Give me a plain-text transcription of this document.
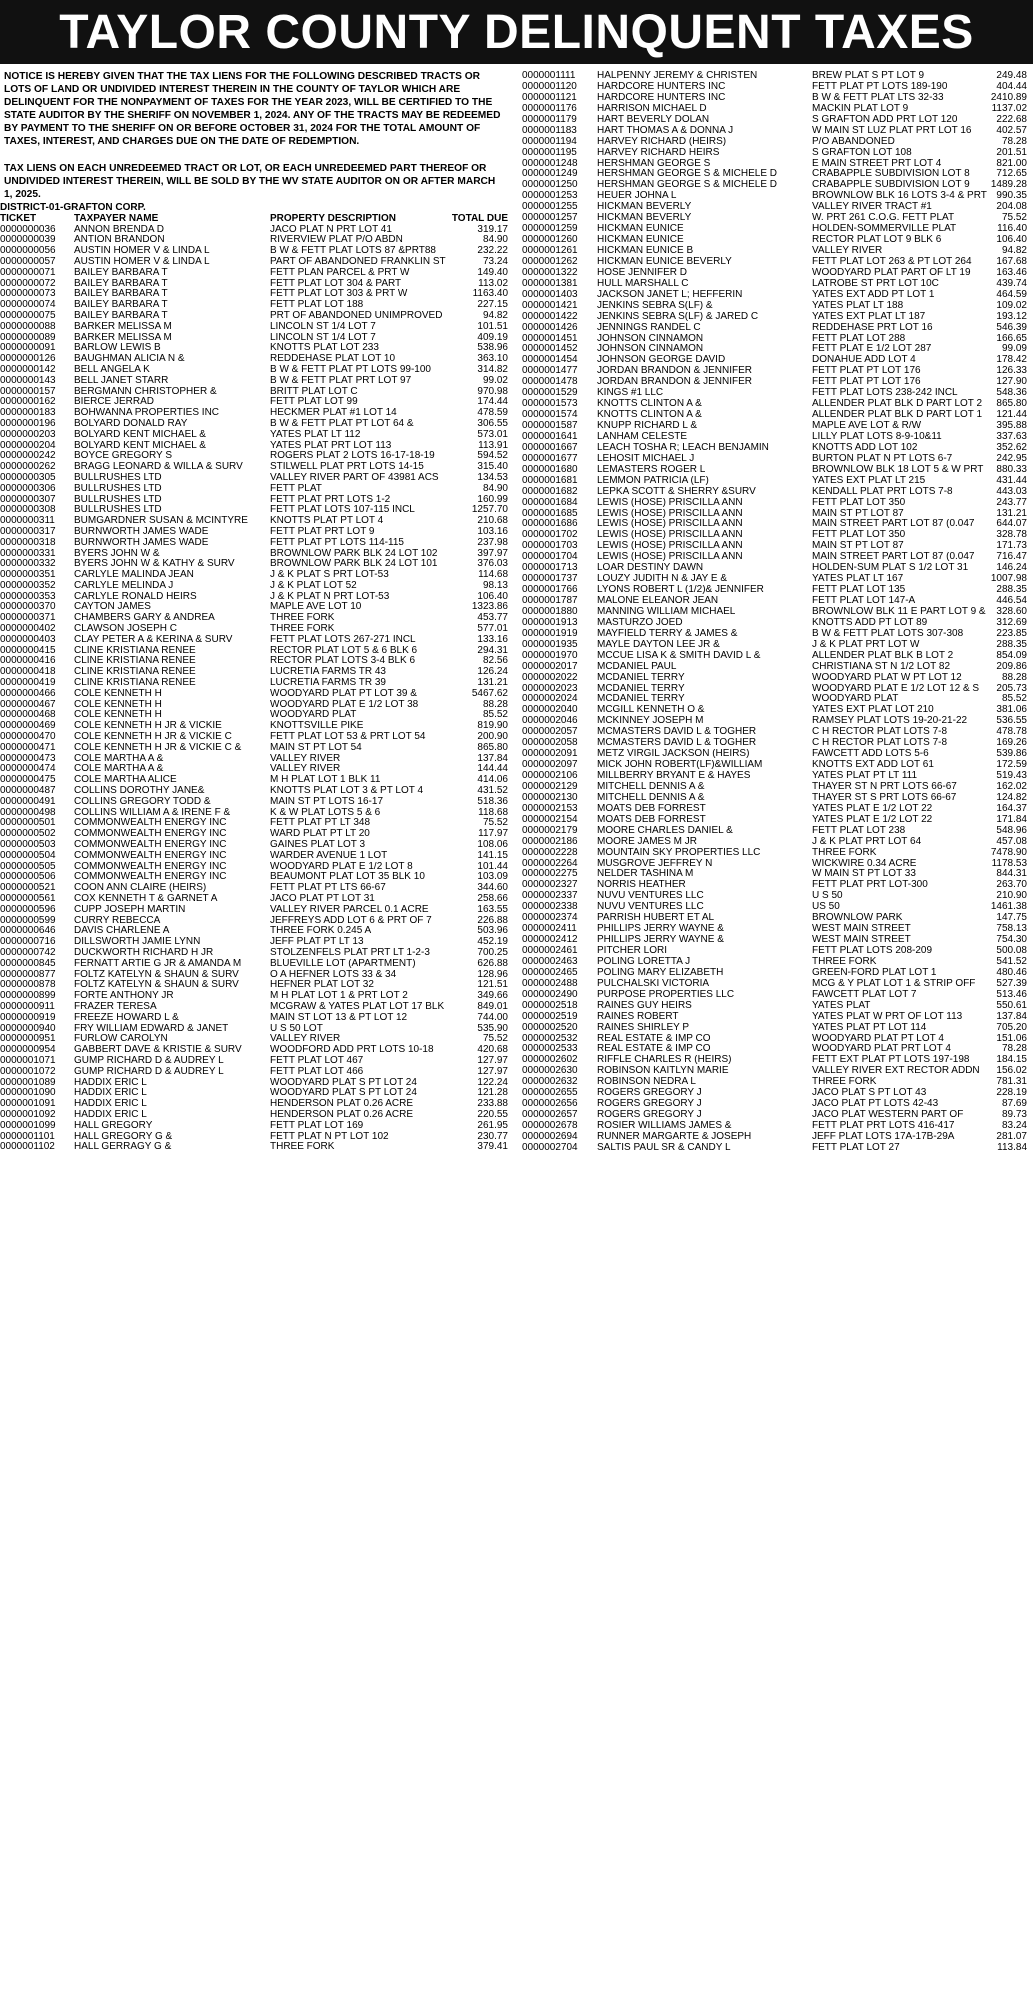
TAYLOR COUNTY DELINQUENT TAXES

NOTICE IS HEREBY GIVEN THAT THE TAX LIENS FOR THE FOLLOWING DESCRIBED TRACTS OR LOTS OF LAND OR UNDIVIDED INTEREST THEREIN IN THE COUNTY OF TAYLOR WHICH ARE DELINQUENT FOR THE NONPAYMENT OF TAXES FOR THE YEAR 2023, WILL BE CERTIFIED TO THE STATE AUDITOR BY THE SHERIFF ON NOVEMBER 1, 2024. ANY OF THE TRACTS MAY BE REDEEMED BY PAYMENT TO THE SHERIFF ON OR BEFORE OCTOBER 31, 2024 FOR THE TOTAL AMOUNT OF TAXES, INTEREST, AND CHARGES DUE ON THE DATE OF REDEMPTION.

TAX LIENS ON EACH UNREDEEMED TRACT OR LOT, OR EACH UNREDEEMED PART THEREOF OR UNDIVIDED INTEREST THEREIN, WILL BE SOLD BY THE WV STATE AUDITOR ON OR AFTER MARCH 1, 2025.

DISTRICT-01-GRAFTON CORP.
TICKET	TAXPAYER NAME	PROPERTY DESCRIPTION	TOTAL DUE
0000000036	ANNON BRENDA D	JACO PLAT N PRT LOT 41	319.17
0000000039	ANTION BRANDON	RIVERVIEW PLAT P/O ABDN	84.90
0000000056	AUSTIN HOMER V & LINDA L	B W & FETT PLAT LOTS 87 &PRT88	232.22
0000000057	AUSTIN HOMER V & LINDA L	PART OF ABANDONED FRANKLIN ST	73.24
0000000071	BAILEY BARBARA T	FETT PLAN PARCEL & PRT W	149.40
0000000072	BAILEY BARBARA T	FETT PLAT LOT 304 & PART	113.02
0000000073	BAILEY BARBARA T	FETT PLAT LOT 303 & PRT W	1163.40
0000000074	BAILEY BARBARA T	FETT PLAT LOT 188	227.15
0000000075	BAILEY BARBARA T	PRT OF ABANDONED UNIMPROVED	94.82
0000000088	BARKER MELISSA M	LINCOLN ST 1/4 LOT 7	101.51
0000000089	BARKER MELISSA M	LINCOLN ST 1/4 LOT 7	409.19
0000000091	BARLOW LEWIS B	KNOTTS PLAT LOT 233	538.96
0000000126	BAUGHMAN ALICIA N &	REDDEHASE PLAT LOT 10	363.10
0000000142	BELL ANGELA K	B W & FETT PLAT PT LOTS 99-100	314.82
0000000143	BELL JANET STARR	B W & FETT PLAT PRT LOT 97	99.02
0000000157	BERGMANN CHRISTOPHER &	BRITT PLAT LOT C	970.98
0000000162	BIERCE JERRAD	FETT PLAT LOT 99	174.44
0000000183	BOHWANNA PROPERTIES INC	HECKMER PLAT #1 LOT 14	478.59
0000000196	BOLYARD DONALD RAY	B W & FETT PLAT PT LOT 64 &	306.55
0000000203	BOLYARD KENT MICHAEL &	YATES PLAT LT 112	573.01
0000000204	BOLYARD KENT MICHAEL &	YATES PLAT PRT LOT 113	113.91
0000000242	BOYCE GREGORY S	ROGERS PLAT 2 LOTS 16-17-18-19	594.52
0000000262	BRAGG LEONARD & WILLA & SURV	STILWELL PLAT PRT LOTS 14-15	315.40
0000000305	BULLRUSHES LTD	VALLEY RIVER PART OF 43981 ACS	134.53
0000000306	BULLRUSHES LTD	FETT PLAT	84.90
0000000307	BULLRUSHES LTD	FETT PLAT PRT LOTS 1-2	160.99
0000000308	BULLRUSHES LTD	FETT PLAT LOTS 107-115 INCL	1257.70
0000000311	BUMGARDNER SUSAN & MCINTYRE	KNOTTS PLAT PT LOT 4	210.68
0000000317	BURNWORTH JAMES WADE	FETT PLAT PRT LOT 9	103.16
0000000318	BURNWORTH JAMES WADE	FETT PLAT PT LOTS 114-115	237.98
0000000331	BYERS JOHN W &	BROWNLOW PARK BLK 24 LOT 102	397.97
0000000332	BYERS JOHN W & KATHY & SURV	BROWNLOW PARK BLK 24 LOT 101	376.03
0000000351	CARLYLE MALINDA JEAN	J & K PLAT S PRT LOT-53	114.68
0000000352	CARLYLE MELINDA J	J & K PLAT LOT 52	98.13
0000000353	CARLYLE RONALD HEIRS	J & K PLAT N PRT LOT-53	106.40
0000000370	CAYTON JAMES	MAPLE AVE LOT 10	1323.86
0000000371	CHAMBERS GARY & ANDREA	THREE FORK	453.77
0000000402	CLAWSON JOSEPH C	THREE FORK	577.01
0000000403	CLAY PETER A & KERINA & SURV	FETT PLAT LOTS 267-271 INCL	133.16
0000000415	CLINE KRISTIANA RENEE	RECTOR PLAT LOT 5 & 6 BLK 6	294.31
0000000416	CLINE KRISTIANA RENEE	RECTOR PLAT LOTS 3-4 BLK 6	82.56
0000000418	CLINE KRISTIANA RENEE	LUCRETIA FARMS TR 43	126.24
0000000419	CLINE KRISTIANA RENEE	LUCRETIA FARMS TR 39	131.21
0000000466	COLE KENNETH H	WOODYARD PLAT PT LOT 39 &	5467.62
0000000467	COLE KENNETH H	WOODYARD PLAT E 1/2 LOT 38	88.28
0000000468	COLE KENNETH H	WOODYARD PLAT	85.52
0000000469	COLE KENNETH H JR & VICKIE	KNOTTSVILLE PIKE	819.90
0000000470	COLE KENNETH H JR & VICKIE C	FETT PLAT LOT 53 & PRT LOT 54	200.90
0000000471	COLE KENNETH H JR & VICKIE C &	MAIN ST PT LOT 54	865.80
0000000473	COLE MARTHA A &	VALLEY RIVER	137.84
0000000474	COLE MARTHA A &	VALLEY RIVER	144.44
0000000475	COLE MARTHA ALICE	M H PLAT LOT 1 BLK 11	414.06
0000000487	COLLINS DOROTHY JANE&	KNOTTS PLAT LOT 3 & PT LOT 4	431.52
0000000491	COLLINS GREGORY TODD &	MAIN ST PT LOTS 16-17	518.36
0000000498	COLLINS WILLIAM A & IRENE F &	K & W PLAT LOTS 5 & 6	118.68
0000000501	COMMONWEALTH ENERGY INC	FETT PLAT PT LT 348	75.52
0000000502	COMMONWEALTH ENERGY INC	WARD PLAT PT LT 20	117.97
0000000503	COMMONWEALTH ENERGY INC	GAINES PLAT LOT 3	108.06
0000000504	COMMONWEALTH ENERGY INC	WARDER AVENUE 1 LOT	141.15
0000000505	COMMONWEALTH ENERGY INC	WOODYARD PLAT E 1/2 LOT 8	101.44
0000000506	COMMONWEALTH ENERGY INC	BEAUMONT PLAT LOT 35 BLK 10	103.09
0000000521	COON ANN CLAIRE (HEIRS)	FETT PLAT PT LTS 66-67	344.60
0000000561	COX KENNETH T & GARNET A	JACO PLAT PT LOT 31	258.66
0000000596	CUPP JOSEPH MARTIN	VALLEY RIVER PARCEL 0.1 ACRE	163.55
0000000599	CURRY REBECCA	JEFFREYS ADD LOT 6 & PRT OF 7	226.88
0000000646	DAVIS CHARLENE A	THREE FORK 0.245 A	503.96
0000000716	DILLSWORTH JAMIE LYNN	JEFF PLAT PT LT 13	452.19
0000000742	DUCKWORTH RICHARD H JR	STOLZENFELS PLAT PRT LT 1-2-3	700.25
0000000845	FERNATT ARTIE G JR & AMANDA M	BLUEVILLE LOT (APARTMENT)	626.88
0000000877	FOLTZ KATELYN & SHAUN & SURV	O A HEFNER LOTS 33 & 34	128.96
0000000878	FOLTZ KATELYN & SHAUN & SURV	HEFNER PLAT LOT 32	121.51
0000000899	FORTE ANTHONY JR	M H PLAT LOT 1 & PRT LOT 2	349.66
0000000911	FRAZER TERESA	MCGRAW & YATES PLAT LOT 17 BLK	849.01
0000000919	FREEZE HOWARD L &	MAIN ST LOT 13 & PT LOT 12	744.00
0000000940	FRY WILLIAM EDWARD & JANET	U S 50 LOT	535.90
0000000951	FURLOW CAROLYN	VALLEY RIVER	75.52
0000000954	GABBERT DAVE & KRISTIE & SURV	WOODFORD ADD PRT LOTS 10-18	420.68
0000001071	GUMP RICHARD D & AUDREY L	FETT PLAT LOT 467	127.97
0000001072	GUMP RICHARD D & AUDREY L	FETT PLAT LOT 466	127.97
0000001089	HADDIX ERIC L	WOODYARD PLAT S PT LOT 24	122.24
0000001090	HADDIX ERIC L	WOODYARD PLAT S PT LOT 24	121.28
0000001091	HADDIX ERIC L	HENDERSON PLAT 0.26 ACRE	233.88
0000001092	HADDIX ERIC L	HENDERSON PLAT 0.26 ACRE	220.55
0000001099	HALL GREGORY	FETT PLAT LOT 169	261.95
0000001101	HALL GREGORY G &	FETT PLAT N PT LOT 102	230.77
0000001102	HALL GERRAGY G &	THREE FORK	379.41
0000001111	HALPENNY JEREMY & CHRISTEN	BREW PLAT S PT LOT 9	249.48
0000001120	HARDCORE HUNTERS INC	FETT PLAT PT LOTS 189-190	404.44
0000001121	HARDCORE HUNTERS INC	B W & FETT PLAT LTS 32-33	2410.89
0000001176	HARRISON MICHAEL D	MACKIN PLAT LOT 9	1137.02
0000001179	HART BEVERLY DOLAN	S GRAFTON ADD PRT LOT 120	222.68
0000001183	HART THOMAS A & DONNA J	W MAIN ST LUZ PLAT PRT LOT 16	402.57
0000001194	HARVEY RICHARD (HEIRS)	P/O ABANDONED	78.28
0000001195	HARVEY RICHARD HEIRS	S GRAFTON LOT 108	201.51
0000001248	HERSHMAN GEORGE S	E MAIN STREET PRT LOT 4	821.00
0000001249	HERSHMAN GEORGE S & MICHELE D	CRABAPPLE SUBDIVISION LOT 8	712.65
0000001250	HERSHMAN GEORGE S & MICHELE D	CRABAPPLE SUBDIVISION LOT 9	1489.28
0000001253	HEUER JOHNA L	BROWNLOW BLK 16 LOTS 3-4 & PRT 990.35
0000001255	HICKMAN BEVERLY	VALLEY RIVER TRACT #1	204.08
0000001257	HICKMAN BEVERLY	W. PRT 261 C.O.G. FETT PLAT	75.52
0000001259	HICKMAN EUNICE	HOLDEN-SOMMERVILLE PLAT	116.40
0000001260	HICKMAN EUNICE	RECTOR PLAT LOT 9 BLK 6	106.40
0000001261	HICKMAN EUNICE B	VALLEY RIVER	94.82
0000001262	HICKMAN EUNICE BEVERLY	FETT PLAT LOT 263 & PT LOT 264	167.68
0000001322	HOSE JENNIFER D	WOODYARD PLAT PART OF LT 19	163.46
0000001381	HULL MARSHALL C	LATROBE ST PRT LOT 10C	439.74
0000001403	JACKSON JANET L; HEFFERIN	YATES EXT ADD PT LOT 1	464.59
0000001421	JENKINS SEBRA S(LF) &	YATES PLAT LT 188	109.02
0000001422	JENKINS SEBRA S(LF) & JARED C	YATES EXT PLAT LT 187	193.12
0000001426	JENNINGS RANDEL C	REDDEHASE PRT LOT 16	546.39
0000001451	JOHNSON CINNAMON	FETT PLAT LOT 288	166.65
0000001452	JOHNSON CINNAMON	FETT PLAT E 1/2 LOT 287	99.09
0000001454	JOHNSON GEORGE DAVID	DONAHUE ADD LOT 4	178.42
0000001477	JORDAN BRANDON & JENNIFER	FETT PLAT PT LOT 176	126.33
0000001478	JORDAN BRANDON & JENNIFER	FETT PLAT PT LOT 176	127.90
0000001529	KINGS #1 LLC	FETT PLAT LOTS 238-242 INCL	548.36
0000001573	KNOTTS CLINTON A &	ALLENDER PLAT BLK D PART LOT 2	865.80
0000001574	KNOTTS CLINTON A &	ALLENDER PLAT BLK D PART LOT 1	121.44
0000001587	KNUPP RICHARD L &	MAPLE AVE LOT & R/W	395.88
0000001641	LANHAM CELESTE	LILLY PLAT LOTS 8-9-10&11	337.63
0000001667	LEACH TOSHA R; LEACH BENJAMIN	KNOTTS ADD LOT 102	352.62
0000001677	LEHOSIT MICHAEL J	BURTON PLAT N PT LOTS 6-7	242.95
0000001680	LEMASTERS ROGER L	BROWNLOW BLK 18 LOT 5 & W PRT	880.33
0000001681	LEMMON PATRICIA (LF)	YATES EXT PLAT LT 215	431.44
0000001682	LEPKA SCOTT & SHERRY &SURV	KENDALL PLAT PRT LOTS 7-8	443.03
0000001684	LEWIS (HOSE) PRISCILLA ANN	FETT PLAT LOT 350	243.77
0000001685	LEWIS (HOSE) PRISCILLA ANN	MAIN ST PT LOT 87	131.21
0000001686	LEWIS (HOSE) PRISCILLA ANN	MAIN STREET PART LOT 87 (0.047	644.07
0000001702	LEWIS (HOSE) PRISCILLA ANN	FETT PLAT LOT 350	328.78
0000001703	LEWIS (HOSE) PRISCILLA ANN	MAIN ST PT LOT 87	171.73
0000001704	LEWIS (HOSE) PRISCILLA ANN	MAIN STREET PART LOT 87 (0.047	716.47
0000001713	LOAR DESTINY DAWN	HOLDEN-SUM PLAT S 1/2 LOT 31	146.24
0000001737	LOUZY JUDITH N & JAY E &	YATES PLAT LT 167	1007.98
0000001766	LYONS ROBERT L (1/2)& JENNIFER	FETT PLAT LOT 135	288.35
0000001787	MALONE ELEANOR JEAN	FETT PLAT LOT 147-A	446.54
0000001880	MANNING WILLIAM MICHAEL	BROWNLOW BLK 11 E PART LOT 9 &	328.60
0000001913	MASTURZO JOED	KNOTTS ADD PT LOT 89	312.69
0000001919	MAYFIELD TERRY & JAMES &	B W & FETT PLAT LOTS 307-308	223.85
0000001935	MAYLE DAYTON LEE JR &	J & K PLAT PRT LOT W	288.35
0000001970	MCCUE LISA K & SMITH DAVID L &	ALLENDER PLAT BLK B LOT 2	854.09
0000002017	MCDANIEL PAUL	CHRISTIANA ST N 1/2 LOT 82	209.86
0000002022	MCDANIEL TERRY	WOODYARD PLAT W PT LOT 12	88.28
0000002023	MCDANIEL TERRY	WOODYARD PLAT E 1/2 LOT 12 & S	205.73
0000002024	MCDANIEL TERRY	WOODYARD PLAT	85.52
0000002040	MCGILL KENNETH O &	YATES EXT PLAT LOT 210	381.06
0000002046	MCKINNEY JOSEPH M	RAMSEY PLAT LOTS 19-20-21-22	536.55
0000002057	MCMASTERS DAVID L & TOGHER	C H RECTOR PLAT LOTS 7-8	478.78
0000002058	MCMASTERS DAVID L & TOGHER	C H RECTOR PLAT LOTS 7-8	169.26
0000002091	METZ VIRGIL JACKSON (HEIRS)	FAWCETT ADD LOTS 5-6	539.86
0000002097	MICK JOHN ROBERT(LF)&WILLIAM	KNOTTS EXT ADD LOT 61	172.59
0000002106	MILLBERRY BRYANT E & HAYES	YATES PLAT PT LT 111	519.43
0000002129	MITCHELL DENNIS A &	THAYER ST N PRT LOTS 66-67	162.02
0000002130	MITCHELL DENNIS A &	THAYER ST S PRT LOTS 66-67	124.82
0000002153	MOATS DEB FORREST	YATES PLAT E 1/2 LOT 22	164.37
0000002154	MOATS DEB FORREST	YATES PLAT E 1/2 LOT 22	171.84
0000002179	MOORE CHARLES DANIEL &	FETT PLAT LOT 238	548.96
0000002186	MOORE JAMES M JR	J & K PLAT PRT LOT 64	457.08
0000002228	MOUNTAIN SKY PROPERTIES LLC	THREE FORK	7478.90
0000002264	MUSGROVE JEFFREY N	WICKWIRE 0.34 ACRE	1178.53
0000002275	NELDER TASHINA M	W MAIN ST PT LOT 33	844.31
0000002327	NORRIS HEATHER	FETT PLAT PRT LOT-300	263.70
0000002337	NUVU VENTURES LLC	U S 50	210.90
0000002338	NUVU VENTURES LLC	US 50	1461.38
0000002374	PARRISH HUBERT ET AL	BROWNLOW PARK	147.75
0000002411	PHILLIPS JERRY WAYNE &	WEST MAIN STREET	758.13
0000002412	PHILLIPS JERRY WAYNE &	WEST MAIN STREET	754.30
0000002461	PITCHER LORI	FETT PLAT LOTS 208-209	500.08
0000002463	POLING LORETTA J	THREE FORK	541.52
0000002465	POLING MARY ELIZABETH	GREEN-FORD PLAT LOT 1	480.46
0000002488	PULCHALSKI VICTORIA	MCG & Y PLAT LOT 1 & STRIP OFF	527.39
0000002490	PURPOSE PROPERTIES LLC	FAWCETT PLAT LOT 7	513.46
0000002518	RAINES GUY HEIRS	YATES PLAT	550.61
0000002519	RAINES ROBERT	YATES PLAT W PRT OF LOT 113	137.84
0000002520	RAINES SHIRLEY P	YATES PLAT PT LOT 114	705.20
0000002532	REAL ESTATE & IMP CO	WOODYARD PLAT PT LOT 4	151.06
0000002533	REAL ESTATE & IMP CO	WOODYARD PLAT PRT LOT 4	78.28
0000002602	RIFFLE CHARLES R (HEIRS)	FETT EXT PLAT PT LOTS 197-198	184.15
0000002630	ROBINSON KAITLYN MARIE	VALLEY RIVER EXT RECTOR ADDN	156.02
0000002632	ROBINSON NEDRA L	THREE FORK	781.31
0000002655	ROGERS GREGORY J	JACO PLAT S PT LOT 43	228.19
0000002656	ROGERS GREGORY J	JACO PLAT PT LOTS 42-43	87.69
0000002657	ROGERS GREGORY J	JACO PLAT WESTERN PART OF	89.73
0000002678	ROSIER WILLIAMS JAMES &	FETT PLAT PRT LOTS 416-417	83.24
0000002694	RUNNER MARGARTE & JOSEPH	JEFF PLAT LOTS 17A-17B-29A	281.07
0000002704	SALTIS PAUL SR & CANDY L	FETT PLAT LOT 27	113.84
